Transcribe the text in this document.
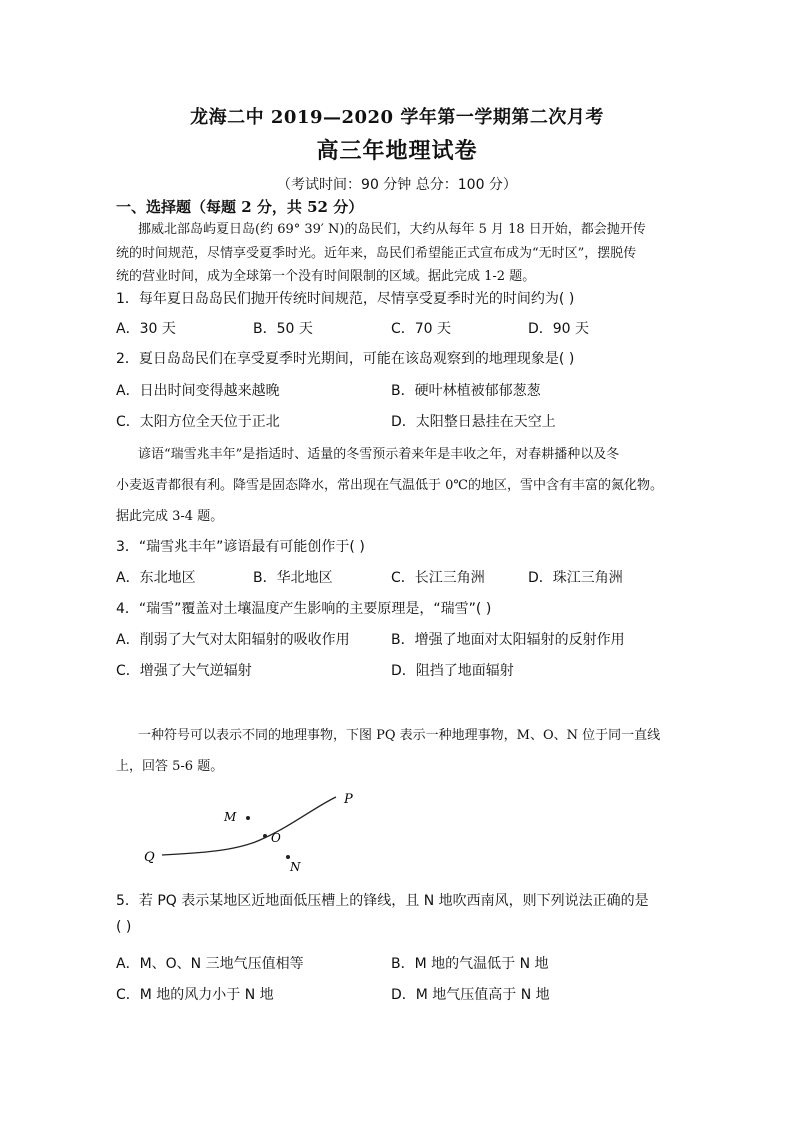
龙海二中 2019—2020 学年第一学期第二次月考
高三年地理试卷
（考试时间：90 分钟 总分：100 分）
一、选择题（每题 2 分，共 52 分）
挪威北部岛屿夏日岛(约 69° 39′ N)的岛民们，大约从每年 5 月 18 日开始，都会抛开传
统的时间规范，尽情享受夏季时光。近年来，岛民们希望能正式宣布成为“无时区”，摆脱传
统的营业时间，成为全球第一个没有时间限制的区域。据此完成 1-2 题。
1．每年夏日岛岛民们抛开传统时间规范，尽情享受夏季时光的时间约为( )
A．30 天	B．50 天	C．70 天	D．90 天
2．夏日岛岛民们在享受夏季时光期间，可能在该岛观察到的地理现象是( )
A．日出时间变得越来越晚	B．硬叶林植被郁郁葱葱
C．太阳方位全天位于正北	D．太阳整日悬挂在天空上
谚语“瑞雪兆丰年”是指适时、适量的冬雪预示着来年是丰收之年，对春耕播种以及冬
小麦返青都很有利。降雪是固态降水，常出现在气温低于 0℃的地区，雪中含有丰富的氮化物。
据此完成 3-4 题。
3．“瑞雪兆丰年”谚语最有可能创作于( )
A．东北地区	B．华北地区	C．长江三角洲	D．珠江三角洲
4．“瑞雪”覆盖对土壤温度产生影响的主要原理是，“瑞雪”( )
A．削弱了大气对太阳辐射的吸收作用	B．增强了地面对太阳辐射的反射作用
C．增强了大气逆辐射	D．阻挡了地面辐射
一种符号可以表示不同的地理事物，下图 PQ 表示一种地理事物，M、O、N 位于同一直线
上，回答 5-6 题。
P
Q
M
O
N
5．若 PQ 表示某地区近地面低压槽上的锋线，且 N 地吹西南风，则下列说法正确的是
( )
A．M、O、N 三地气压值相等	B．M 地的气温低于 N 地
C．M 地的风力小于 N 地	D．M 地气压值高于 N 地
